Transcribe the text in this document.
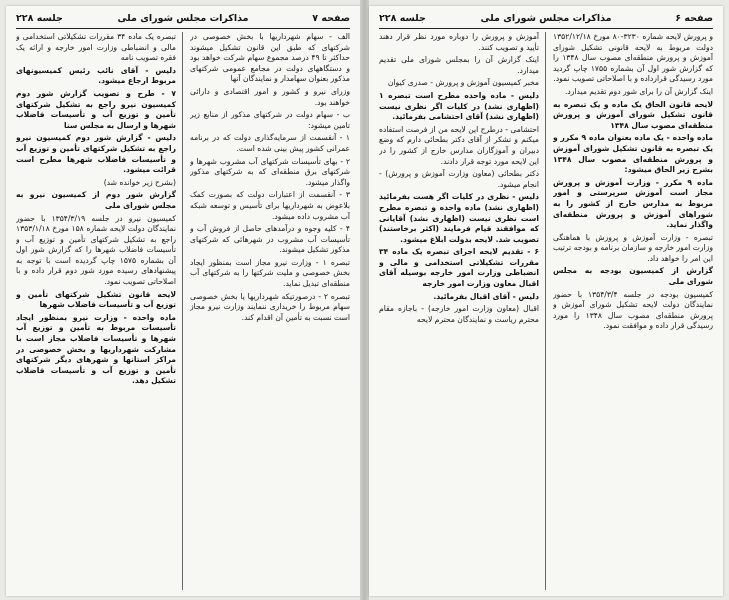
صفحه ۷
مذاکرات مجلس شورای ملی
جلسه ۲۲۸

الف - سهام شهرداریها با بخش خصوصی در شرکتهای که طبق این قانون تشکیل میشوند حداکثر تا ۴۹ درصد مجموع سهام شرکت خواهد بود و دستگاههای دولت در مجامع عمومی شرکتهای مذکور بعنوان سهامدار و نمایندگان آنها

وزرای نیرو و کشور و امور اقتصادی و دارائی خواهند بود.

ب - سهام دولت در شرکتهای مذکور از منابع زیر تامین میشود:

۱ - آنقسمت از سرمایه‌گذاری دولت که در برنامه عمرانی کشور پیش بینی شده است.

۲ - بهای تأسیسات شرکتهای آب مشروب شهرها و شرکتهای برق منطقه‌ای که به شرکتهای مذکور واگذار میشود.

۳ - آنقسمت از اعتبارات دولت که بصورت کمک بلاعوض به شهرداریها برای تأسیس و توسعه شبکه آب مشروب داده میشود.

۴ - کلیه وجوه و درآمدهای حاصل از فروش آب و تأسیسات آب مشروب در شهرهائی که شرکتهای مذکور تشکیل میشوند.

تبصره ۱ - وزارت نیرو مجاز است بمنظور ایجاد بخش خصوصی و ملیت شرکتها را به شرکتهای آب منطقه‌ای تبدیل نماید.

تبصره ۲ - درصورتیکه شهرداریها یا بخش خصوصی سهام مربوط را خریداری ننمایند وزارت نیرو مجاز است نسبت به تأمین آن اقدام کند.

تبصره یک ماده ۳۴ مقررات تشکیلاتی استخدامی و مالی و انضباطی وزارت امور خارجه و ارائه یک فقره تصویب نامه

دلیس - آقای نائب رئیس کمیسیونهای مربوط ارجاع میشود.

۷ - طرح و تصویب گزارش شور دوم کمیسیون نیرو راجع به تشکیل شرکتهای تأمین و توزیع آب و تأسیسات فاضلاب شهرها و ارسال به مجلس سنا

دلیس - گزارش شور دوم کمیسیون نیرو راجع به تشکیل شرکتهای تأمین و توزیع آب و تأسیسات فاضلاب شهرها مطرح است قرائت میشود.

(بشرح زیر خوانده شد)

گزارش شور دوم از کمیسیون نیرو به مجلس شورای ملی

کمیسیون نیرو در جلسه ۱۳۵۴/۳/۱۹ با حضور نمایندگان دولت لایحه شماره ۱۵۸ مورخ ۱۳۵۳/۱/۱۸ راجع به تشکیل شرکتهای تأمین و توزیع آب و تأسیسات فاضلاب شهرها را که گزارش شور اول آن بشماره ۱۵۷۵ چاپ گردیده است با توجه به پیشنهادهای رسیده مورد شور دوم قرار داده و با اصلاحاتی تصویب نمود.

لایحه قانون تشکیل شرکتهای تأمین و توزیع آب و تأسیسات فاضلاب شهرها

ماده واحده - وزارت نیرو بمنظور ایجاد تأسیسات مربوط به تأمین و توزیع آب شهرها و تأسیسات فاضلاب مجاز است با مشارکت شهرداریها و بخش خصوصی در مراکز استانها و شهرهای دیگر شرکتهای تأمین و توزیع آب و تأسیسات فاضلاب تشکیل دهد.

صفحه ۶
مذاکرات مجلس شورای ملی
جلسه ۲۲۸

و پرورش لایحه شماره ۳۲۳۰-۸۰ مورخ ۱۳۵۲/۱۲/۱۸ دولت مربوط به لایحه قانونی تشکیل شورای آموزش و پرورش منطقه‌ای مصوب سال ۱۳۴۸ را که گزارش شور اول آن بشماره ۱۷۵۵ چاپ گردید مورد رسیدگی قرارداده و با اصلاحاتی تصویب نمود.

اینک گزارش آن را برای شور دوم تقدیم میدارد.

لایحه قانون الحاق یک ماده و یک تبصره به قانون تشکیل شورای آموزش و پرورش منطقه‌ای مصوب سال ۱۳۴۸

ماده واحده - یک ماده بعنوان ماده ۹ مکرر و یک تبصره به قانون تشکیل شورای آموزش و پرورش منطقه‌ای مصوب سال ۱۳۴۸ بشرح زیر الحاق میشود:

ماده ۹ مکرر - وزارت آموزش و پرورش مجاز است آموزش سرپرستی و امور مربوط به مدارس خارج از کشور را به شوراهای آموزش و پرورش منطقه‌ای واگذار نماید.

تبصره - وزارت آموزش و پرورش با هماهنگی وزارت امور خارجه و سازمان برنامه و بودجه ترتیب این امر را خواهد داد.

گزارش از کمیسیون بودجه به مجلس شورای ملی

کمیسیون بودجه در جلسه ۱۳۵۴/۳/۴ با حضور نمایندگان دولت لایحه تشکیل شورای آموزش و پرورش منطقه‌ای مصوب سال ۱۳۴۸ را مورد رسیدگی قرار داده و موافقت نمود.

آموزش و پرورش را دوباره مورد نظر قرار دهند تأیید و تصویب کنند.

اینک گزارش آن را بمجلس شورای ملی تقدیم میدارد.

مخبر کمیسیون آموزش و پرورش - صدری کیوان

دلیس - ماده واحده مطرح است تبصره ۱ (اظهاری نشد) در کلیات اگر نظری نیست (اظهاری نشد) آقای احتشامی بفرمائید.

احتشامی - درطرح این لایحه من از فرصت استفاده میکنم و تشکر از آقای دکتر بطحائی دارم که وضع دبیران و آموزگاران مدارس خارج از کشور را در این لایحه مورد توجه قرار دادند.

دکتر بطحائی (معاون وزارت آموزش و پرورش) - انجام میشود.

دلیس - نظری در کلیات اگر هست بفرمائید (اظهاری نشد) ماده واحده و تبصره مطرح است نظری نیست (اظهاری نشد) آقایانی که موافقند قیام فرمایند (اکثر برخاستند) تصویب شد. لایحه بدولت ابلاغ میشود.

۶ - تقدیم لایحه اجرای تبصره یک ماده ۳۴ مقررات تشکیلاتی استخدامی و مالی و انضباطی وزارت امور خارجه بوسیله آقای اقبال معاون وزارت امور خارجه

دلیس - آقای اقبال بفرمائید.

اقبال (معاون وزارت امور خارجه) - باجازه مقام محترم ریاست و نمایندگان محترم لایحه
